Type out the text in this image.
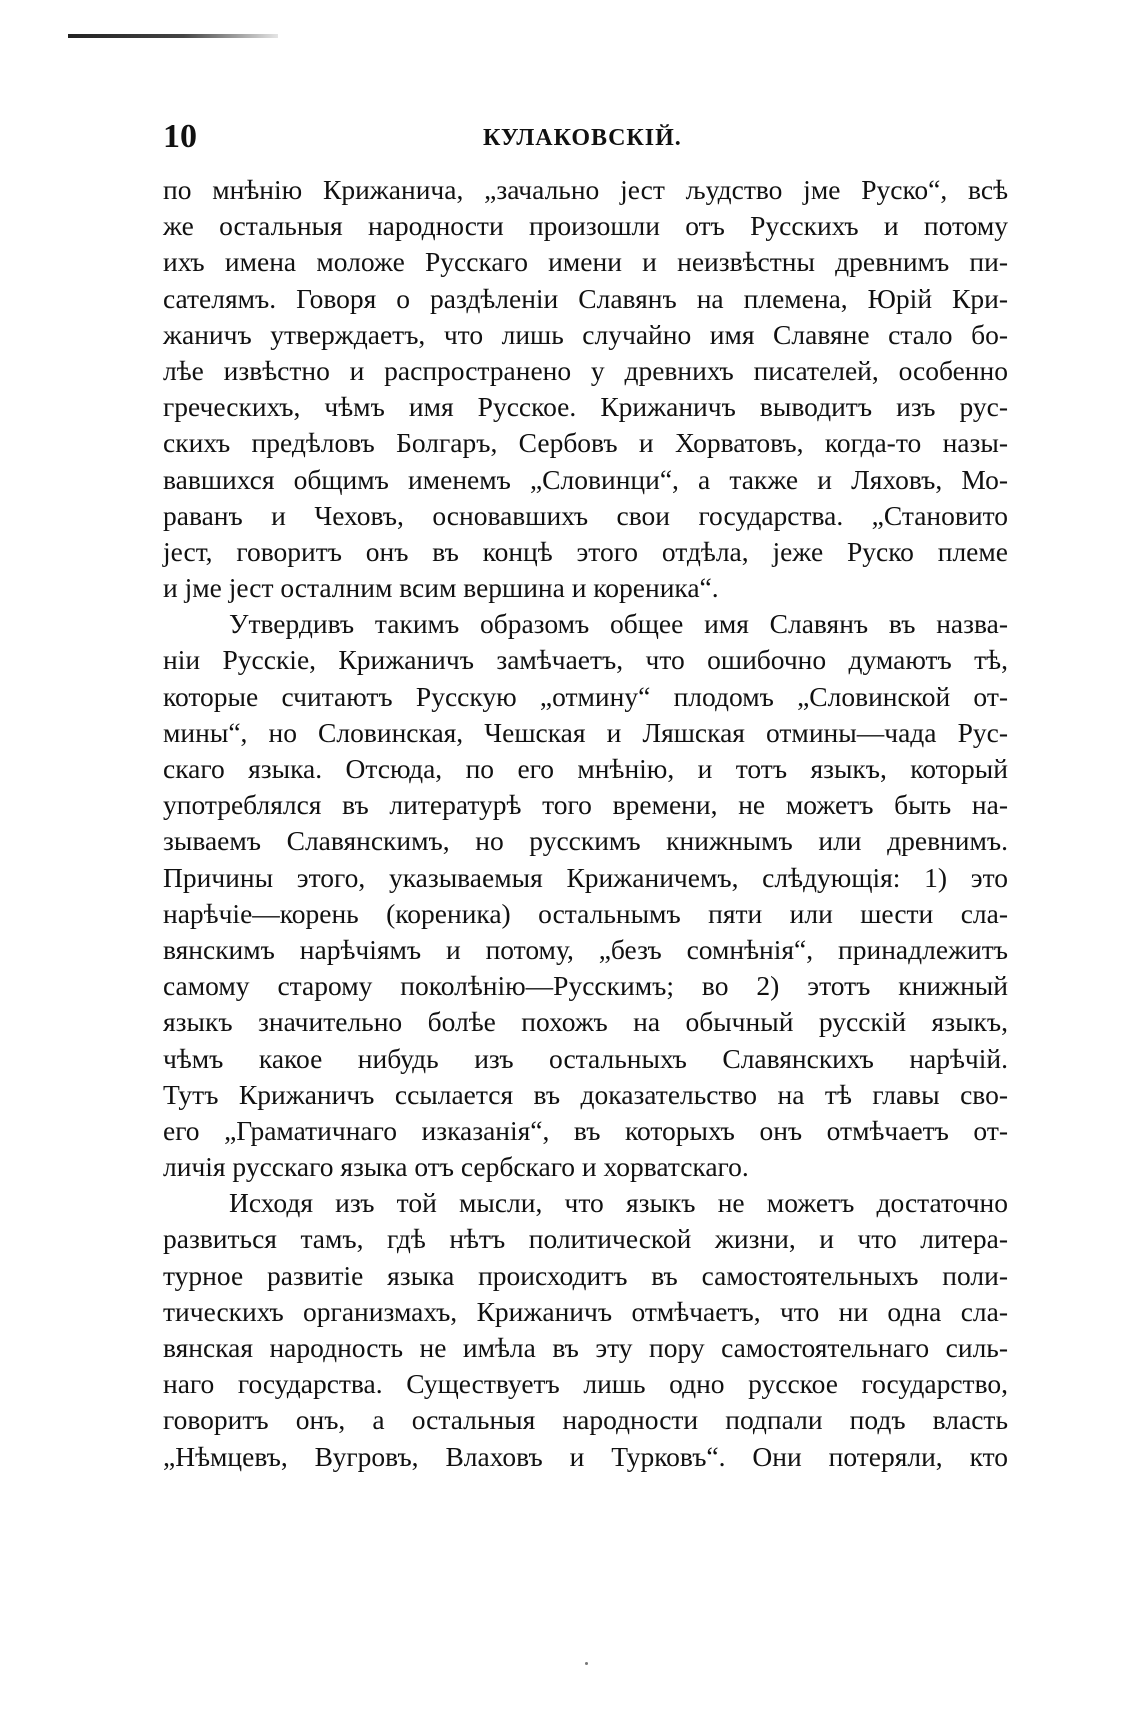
10	КУЛАКОВСКІЙ.
по мнѣнію Крижанича, „зачально јест људство јме Руско“, всѣ
же остальныя народности произошли отъ Русскихъ и потому
ихъ имена моложе Русскаго имени и неизвѣстны древнимъ пи-
сателямъ. Говоря о раздѣленіи Славянъ на племена, Юрій Кри-
жаничъ утверждаетъ, что лишь случайно имя Славяне стало бо-
лѣе извѣстно и распространено у древнихъ писателей, особенно
греческихъ, чѣмъ имя Русское. Крижаничъ выводитъ изъ рус-
скихъ предѣловъ Болгаръ, Сербовъ и Хорватовъ, когда-то назы-
вавшихся общимъ именемъ „Словинци“, а также и Ляховъ, Мо-
раванъ и Чеховъ, основавшихъ свои государства. „Становито
јест, говоритъ онъ въ концѣ этого отдѣла, јеже Руско племе
и јме јест осталним всим вершина и кореника“.
Утвердивъ такимъ образомъ общее имя Славянъ въ назва-
ніи Русскіе, Крижаничъ замѣчаетъ, что ошибочно думаютъ тѣ,
которые считаютъ Русскую „отмину“ плодомъ „Словинской от-
мины“, но Словинская, Чешская и Ляшская отмины—чада Рус-
скаго языка. Отсюда, по его мнѣнію, и тотъ языкъ, который
употреблялся въ литературѣ того времени, не можетъ быть на-
зываемъ Славянскимъ, но русскимъ книжнымъ или древнимъ.
Причины этого, указываемыя Крижаничемъ, слѣдующія: 1) это
нарѣчіе—корень (кореника) остальнымъ пяти или шести сла-
вянскимъ нарѣчіямъ и потому, „безъ сомнѣнія“, принадлежитъ
самому старому поколѣнію—Русскимъ; во 2) этотъ книжный
языкъ значительно болѣе похожъ на обычный русскій языкъ,
чѣмъ какое нибудь изъ остальныхъ Славянскихъ нарѣчій.
Тутъ Крижаничъ ссылается въ доказательство на тѣ главы сво-
его „Граматичнаго изказанія“, въ которыхъ онъ отмѣчаетъ от-
личія русскаго языка отъ сербскаго и хорватскаго.
Исходя изъ той мысли, что языкъ не можетъ достаточно
развиться тамъ, гдѣ нѣтъ политической жизни, и что литера-
турное развитіе языка происходитъ въ самостоятельныхъ поли-
тическихъ организмахъ, Крижаничъ отмѣчаетъ, что ни одна сла-
вянская народность не имѣла въ эту пору самостоятельнаго силь-
наго государства. Существуетъ лишь одно русское государство,
говоритъ онъ, а остальныя народности подпали подъ власть
„Нѣмцевъ, Вугровъ, Влаховъ и Турковъ“. Они потеряли, кто
